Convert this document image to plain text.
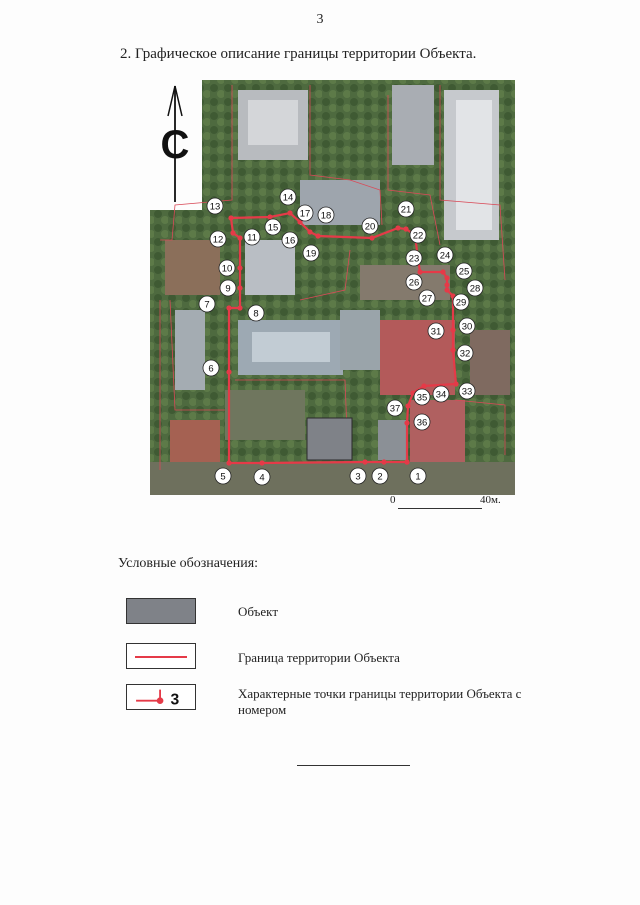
3
2. Графическое описание границы территории Объекта.
1
2
3
4
5
6
7
8
9
10
11
12
13
14
15
16
17 18
19
20
21
22
23 24
25
26
27
28
29
30
31
32
33
34
35
36
37
С
0	40м.
Условные обозначения:
Объект
Граница территории Объекта
3	Характерные точки границы территории Объекта с номером
